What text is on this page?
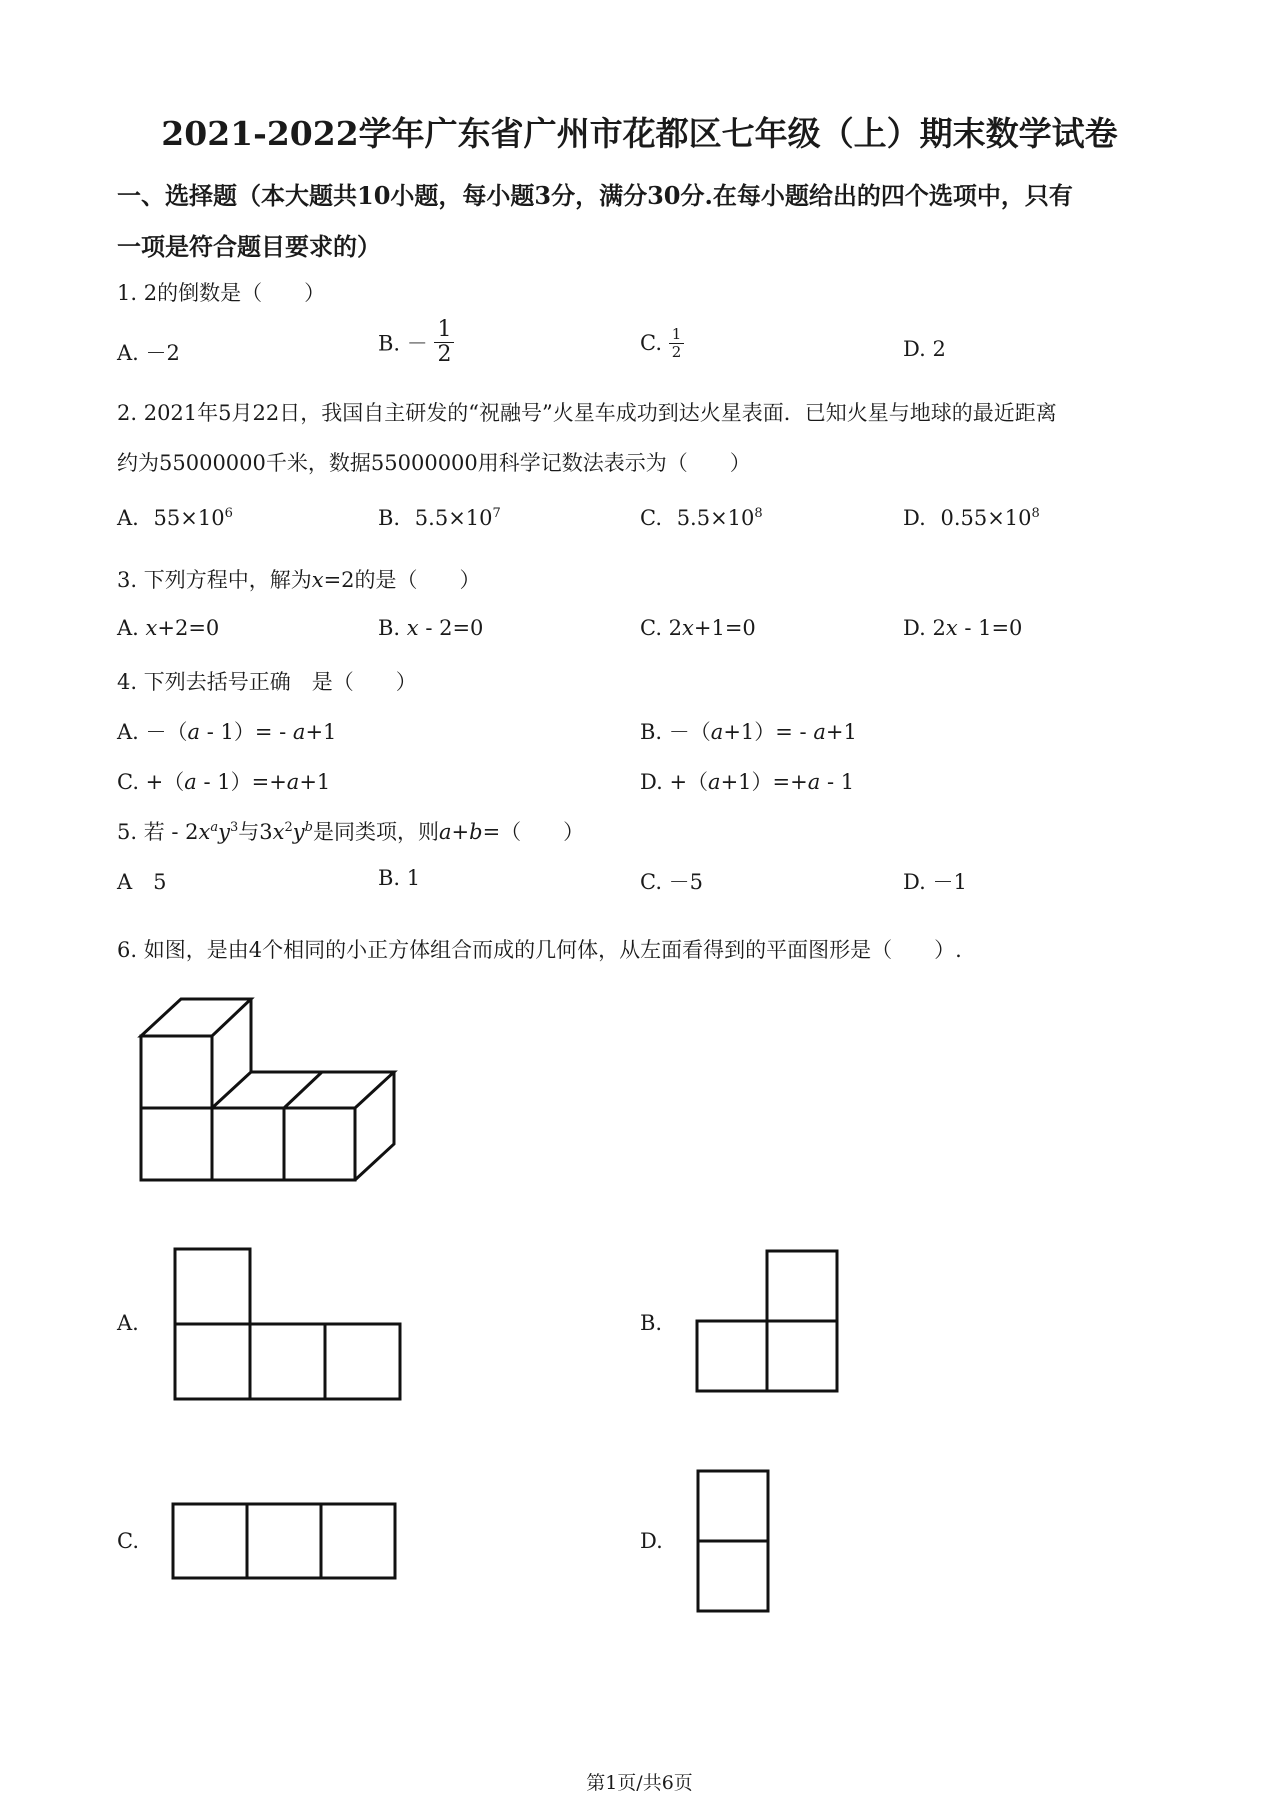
2021-2022学年广东省广州市花都区七年级（上）期末数学试卷
一、选择题（本大题共10小题，每小题3分，满分30分.在每小题给出的四个选项中，只有
一项是符合题目要求的）
1. 2的倒数是（　　）
A. －2	B. － $\frac{1}{2}$	C. $\frac{1}{2}$	D. 2
2. 2021年5月22日，我国自主研发的“祝融号”火星车成功到达火星表面．已知火星与地球的最近距离
约为55000000千米，数据55000000用科学记数法表示为（　　）
A. $55\times 10^6$	B. $5.5\times 10^7$	C. $5.5\times 10^8$	D. $0.55\times 10^8$
3. 下列方程中，解为x=2的是（　　）
A. x+2=0	B. x - 2=0	C. 2x+1=0	D. 2x - 1=0
4. 下列去括号正确　是（　　）
A. －（a - 1）= - a+1	B. －（a+1）= - a+1
C. +（a - 1）=+a+1	D. +（a+1）=+a - 1
5. 若 - $2x^ay^3$与$3x^2y^b$是同类项，则a+b=（　　）
A　5	B. 1	C. －5	D. －1
6. 如图，是由4个相同的小正方体组合而成的几何体，从左面看得到的平面图形是（　　）.
A.	B.
C.	D.
第1页/共6页
